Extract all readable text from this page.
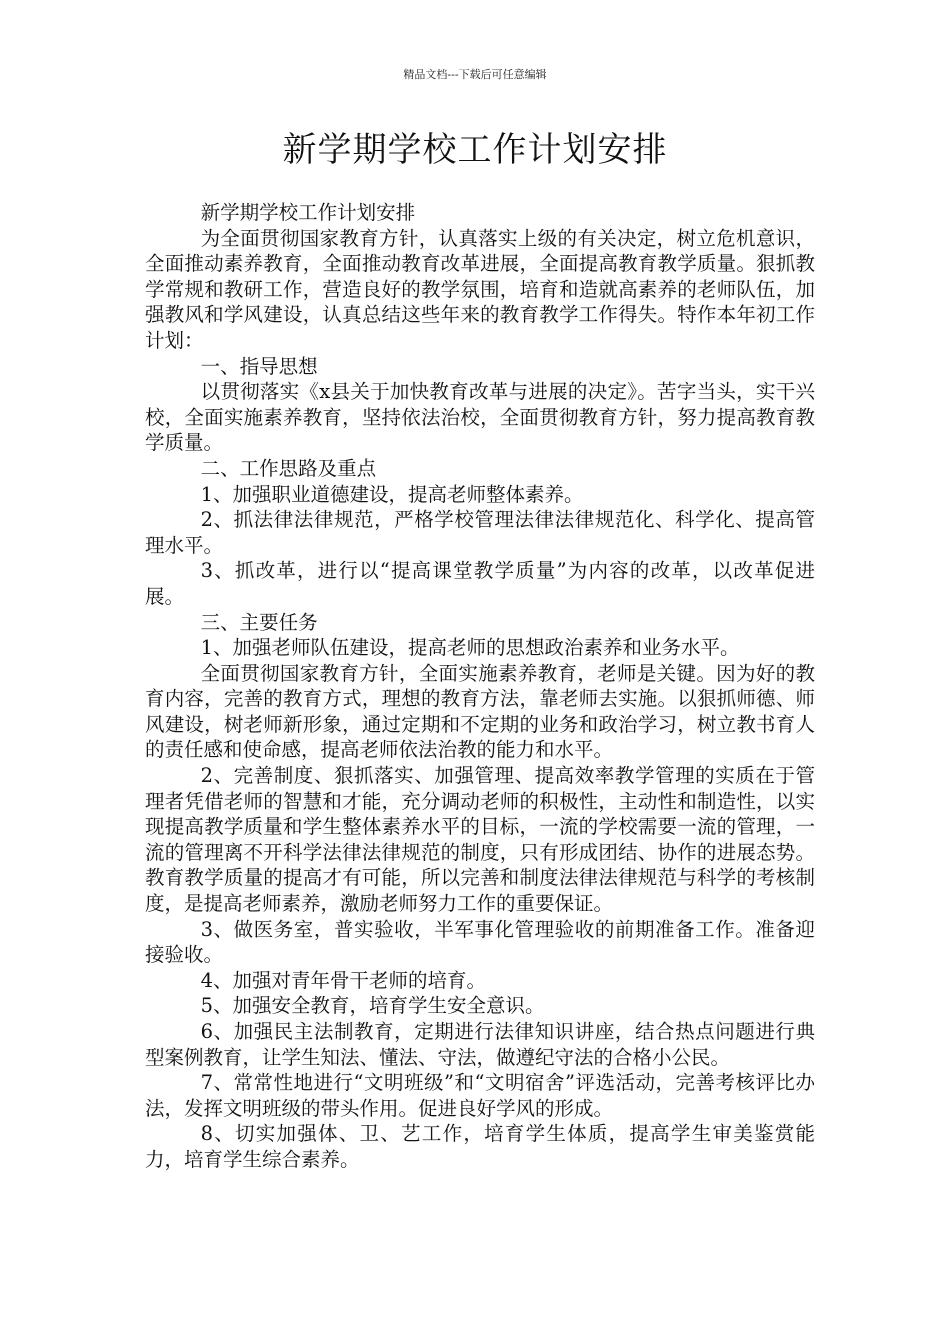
精品文档---下载后可任意编辑
新学期学校工作计划安排

新学期学校工作计划安排

为全面贯彻国家教育方针，认真落实上级的有关决定，树立危机意识，全面推动素养教育，全面推动教育改革进展，全面提高教育教学质量。狠抓教学常规和教研工作，营造良好的教学氛围，培育和造就高素养的老师队伍，加强教风和学风建设，认真总结这些年来的教育教学工作得失。特作本年初工作计划：

一、指导思想

以贯彻落实《x县关于加快教育改革与进展的决定》。苦字当头，实干兴校，全面实施素养教育，坚持依法治校，全面贯彻教育方针，努力提高教育教学质量。

二、工作思路及重点

1、加强职业道德建设，提高老师整体素养。

2、抓法律法律规范，严格学校管理法律法律规范化、科学化、提高管理水平。

3、抓改革，进行以“提高课堂教学质量”为内容的改革，以改革促进展。

三、主要任务

1、加强老师队伍建设，提高老师的思想政治素养和业务水平。

全面贯彻国家教育方针，全面实施素养教育，老师是关键。因为好的教育内容，完善的教育方式，理想的教育方法，靠老师去实施。以狠抓师德、师风建设，树老师新形象，通过定期和不定期的业务和政治学习，树立教书育人的责任感和使命感，提高老师依法治教的能力和水平。

2、完善制度、狠抓落实、加强管理、提高效率教学管理的实质在于管理者凭借老师的智慧和才能，充分调动老师的积极性，主动性和制造性，以实现提高教学质量和学生整体素养水平的目标，一流的学校需要一流的管理，一流的管理离不开科学法律法律规范的制度，只有形成团结、协作的进展态势。教育教学质量的提高才有可能，所以完善和制度法律法律规范与科学的考核制度，是提高老师素养，激励老师努力工作的重要保证。

3、做医务室，普实验收，半军事化管理验收的前期准备工作。准备迎接验收。

4、加强对青年骨干老师的培育。

5、加强安全教育，培育学生安全意识。

6、加强民主法制教育，定期进行法律知识讲座，结合热点问题进行典型案例教育，让学生知法、懂法、守法，做遵纪守法的合格小公民。

7、常常性地进行“文明班级”和“文明宿舍”评选活动，完善考核评比办法，发挥文明班级的带头作用。促进良好学风的形成。

8、切实加强体、卫、艺工作，培育学生体质，提高学生审美鉴赏能力，培育学生综合素养。
